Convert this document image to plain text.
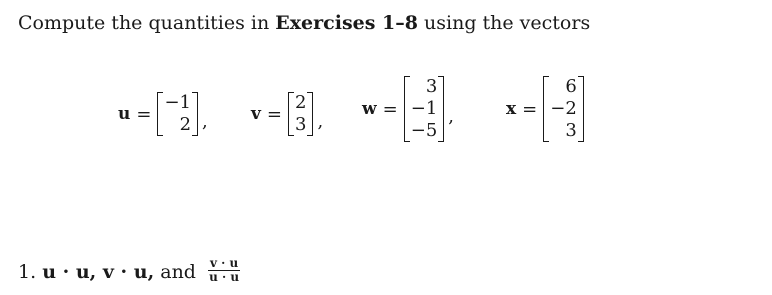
Compute the quantities in Exercises 1–8 using the vectors
u =
−1
2 ,	v =
2
3 ,
w =
3
−1
−5
,	x =
6
−2
3
1.
u · u, v · u, and $\frac{v \cdot u}{u \cdot u}$
